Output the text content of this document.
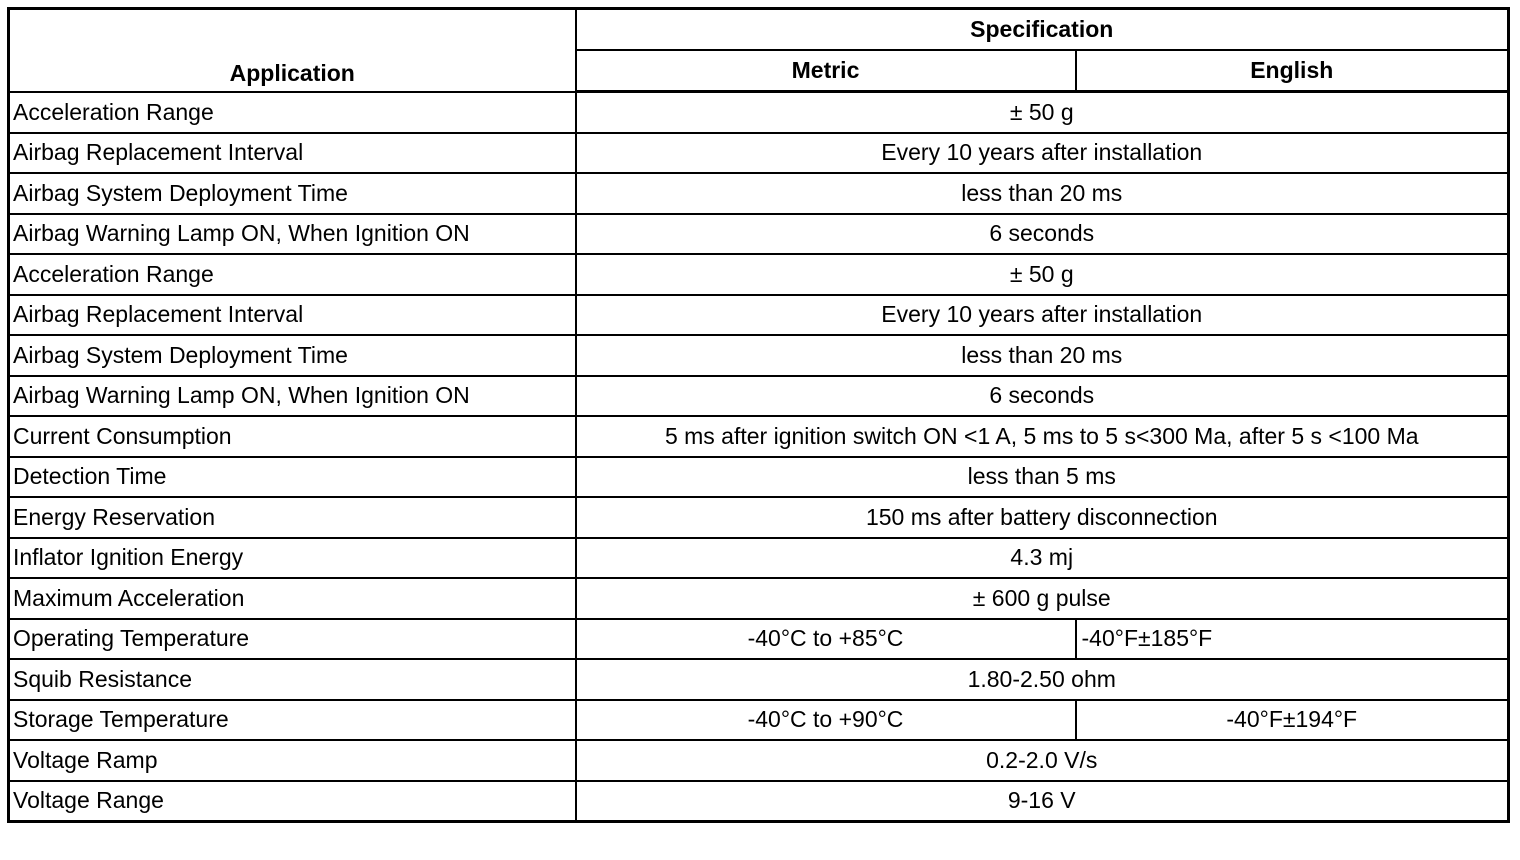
Application	Specification	
	Metric	English
Acceleration Range	± 50 g	
Airbag Replacement Interval	Every 10 years after installation	
Airbag System Deployment Time	less than 20 ms	
Airbag Warning Lamp ON, When Ignition ON	6 seconds	
Acceleration Range	± 50 g	
Airbag Replacement Interval	Every 10 years after installation	
Airbag System Deployment Time	less than 20 ms	
Airbag Warning Lamp ON, When Ignition ON	6 seconds	
Current Consumption	5 ms after ignition switch ON <1 A, 5 ms to 5 s<300 Ma, after 5 s <100 Ma	
Detection Time	less than 5 ms	
Energy Reservation	150 ms after battery disconnection	
Inflator Ignition Energy	4.3 mj	
Maximum Acceleration	± 600 g pulse	
Operating Temperature	-40°C to +85°C	-40°F±185°F
Squib Resistance	1.80-2.50 ohm	
Storage Temperature	-40°C to +90°C	-40°F±194°F
Voltage Ramp	0.2-2.0 V/s	
Voltage Range	9-16 V	
